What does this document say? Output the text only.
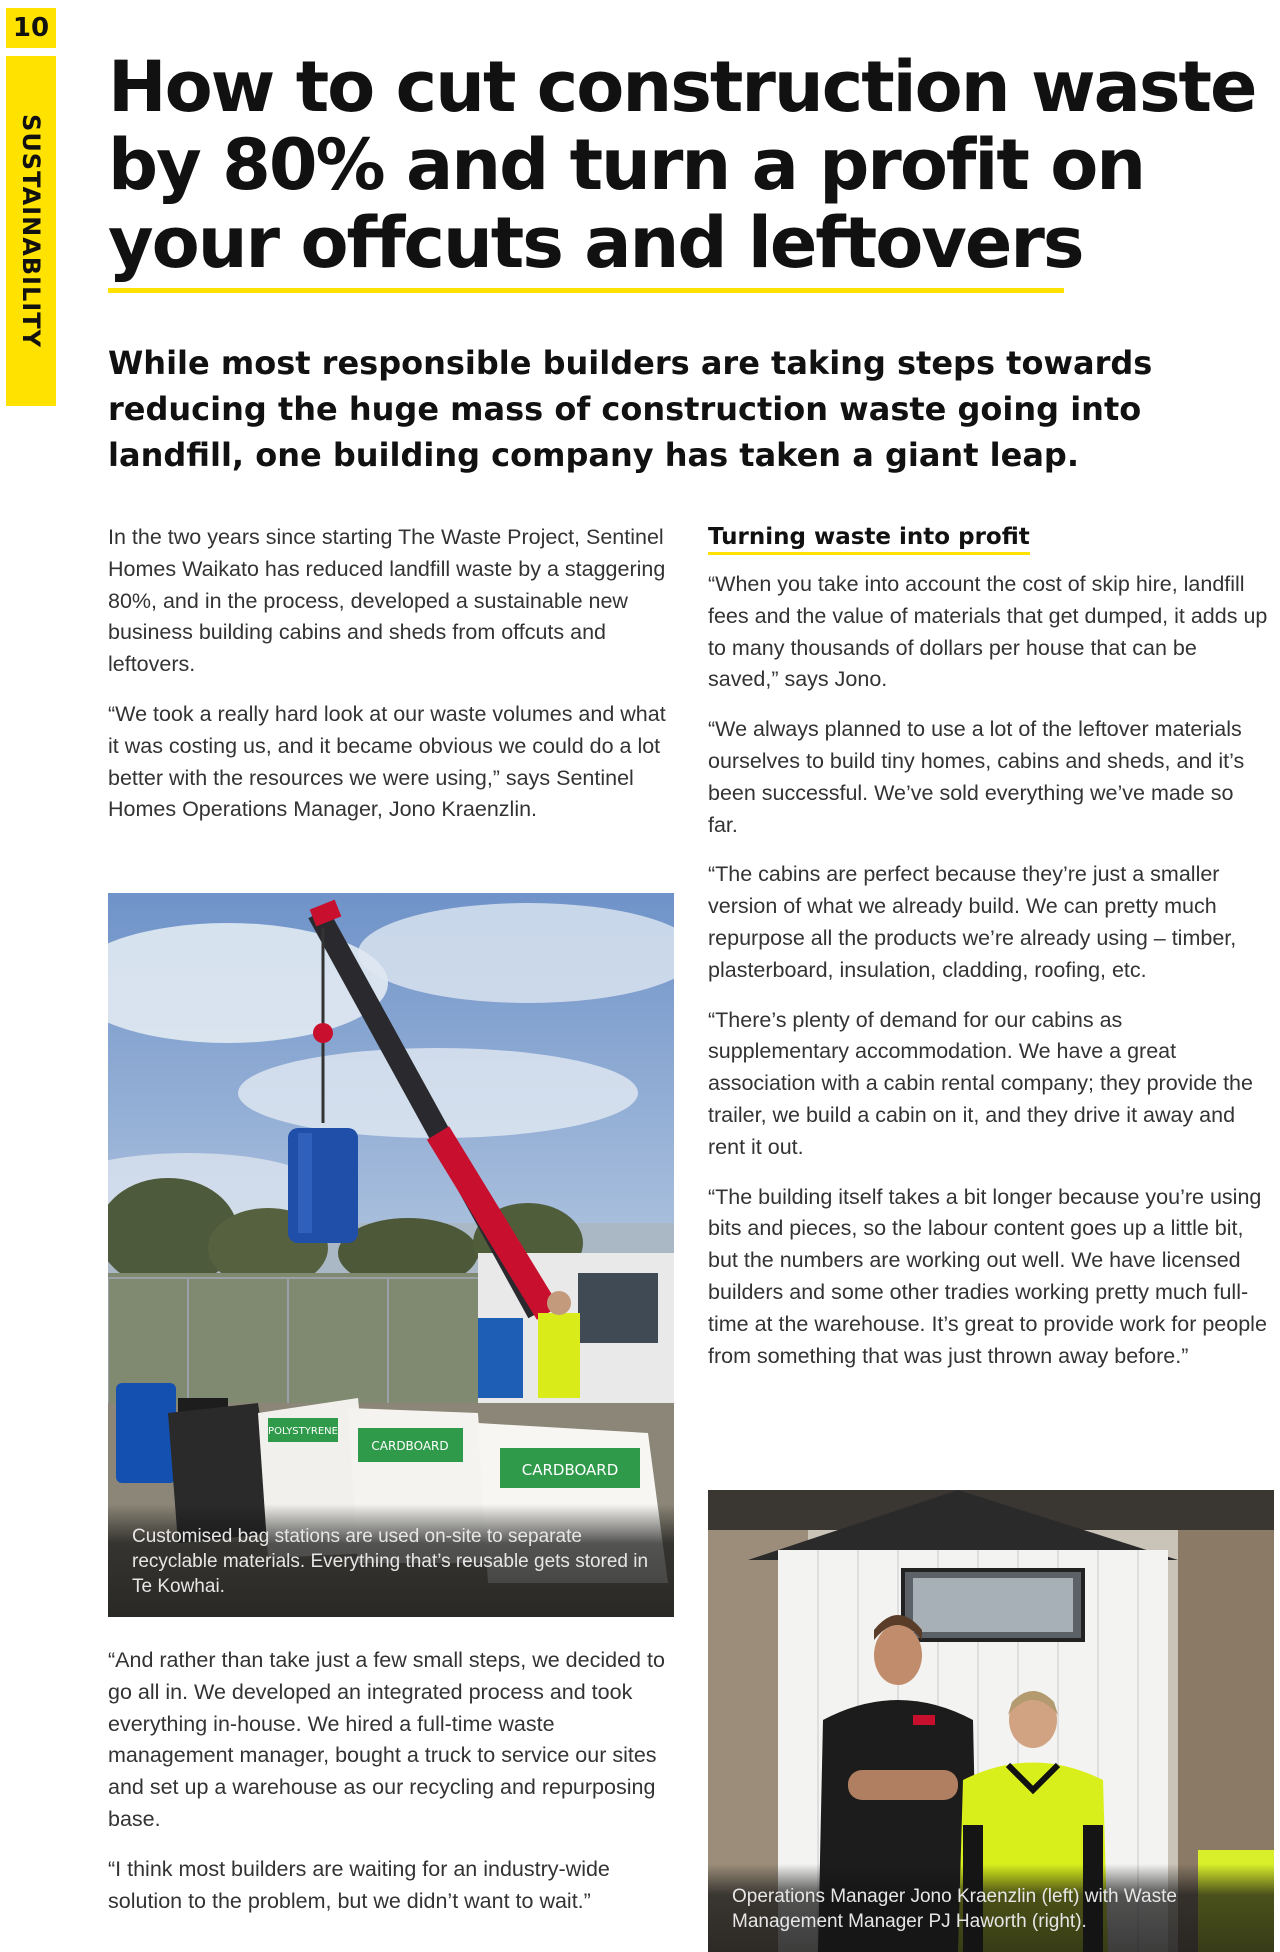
10
SUSTAINABILITY
How to cut construction waste by 80% and turn a profit on your offcuts and leftovers

While most responsible builders are taking steps towards reducing the huge mass of construction waste going into landfill, one building company has taken a giant leap.

In the two years since starting The Waste Project, Sentinel Homes Waikato has reduced landfill waste by a staggering 80%, and in the process, developed a sustainable new business building cabins and sheds from offcuts and leftovers.

“We took a really hard look at our waste volumes and what it was costing us, and it became obvious we could do a lot better with the resources we were using,” says Sentinel Homes Operations Manager, Jono Kraenzlin.

POLYSTYRENE
CARDBOARD
CARDBOARD
Customised bag stations are used on-site to separate recyclable materials. Everything that’s reusable gets stored in Te Kowhai.

“And rather than take just a few small steps, we decided to go all in. We developed an integrated process and took everything in-house. We hired a full-time waste management manager, bought a truck to service our sites and set up a warehouse as our recycling and repurposing base.

“I think most builders are waiting for an industry-wide solution to the problem, but we didn’t want to wait.”

Turning waste into profit

“When you take into account the cost of skip hire, landfill fees and the value of materials that get dumped, it adds up to many thousands of dollars per house that can be saved,” says Jono.

“We always planned to use a lot of the leftover materials ourselves to build tiny homes, cabins and sheds, and it’s been successful. We’ve sold everything we’ve made so far.

“The cabins are perfect because they’re just a smaller version of what we already build. We can pretty much repurpose all the products we’re already using – timber, plasterboard, insulation, cladding, roofing, etc.

“There’s plenty of demand for our cabins as supplementary accommodation. We have a great association with a cabin rental company; they provide the trailer, we build a cabin on it, and they drive it away and rent it out.

“The building itself takes a bit longer because you’re using bits and pieces, so the labour content goes up a little bit, but the numbers are working out well. We have licensed builders and some other tradies working pretty much full-time at the warehouse. It’s great to provide work for people from something that was just thrown away before.”

Operations Manager Jono Kraenzlin (left) with Waste Management Manager PJ Haworth (right).
